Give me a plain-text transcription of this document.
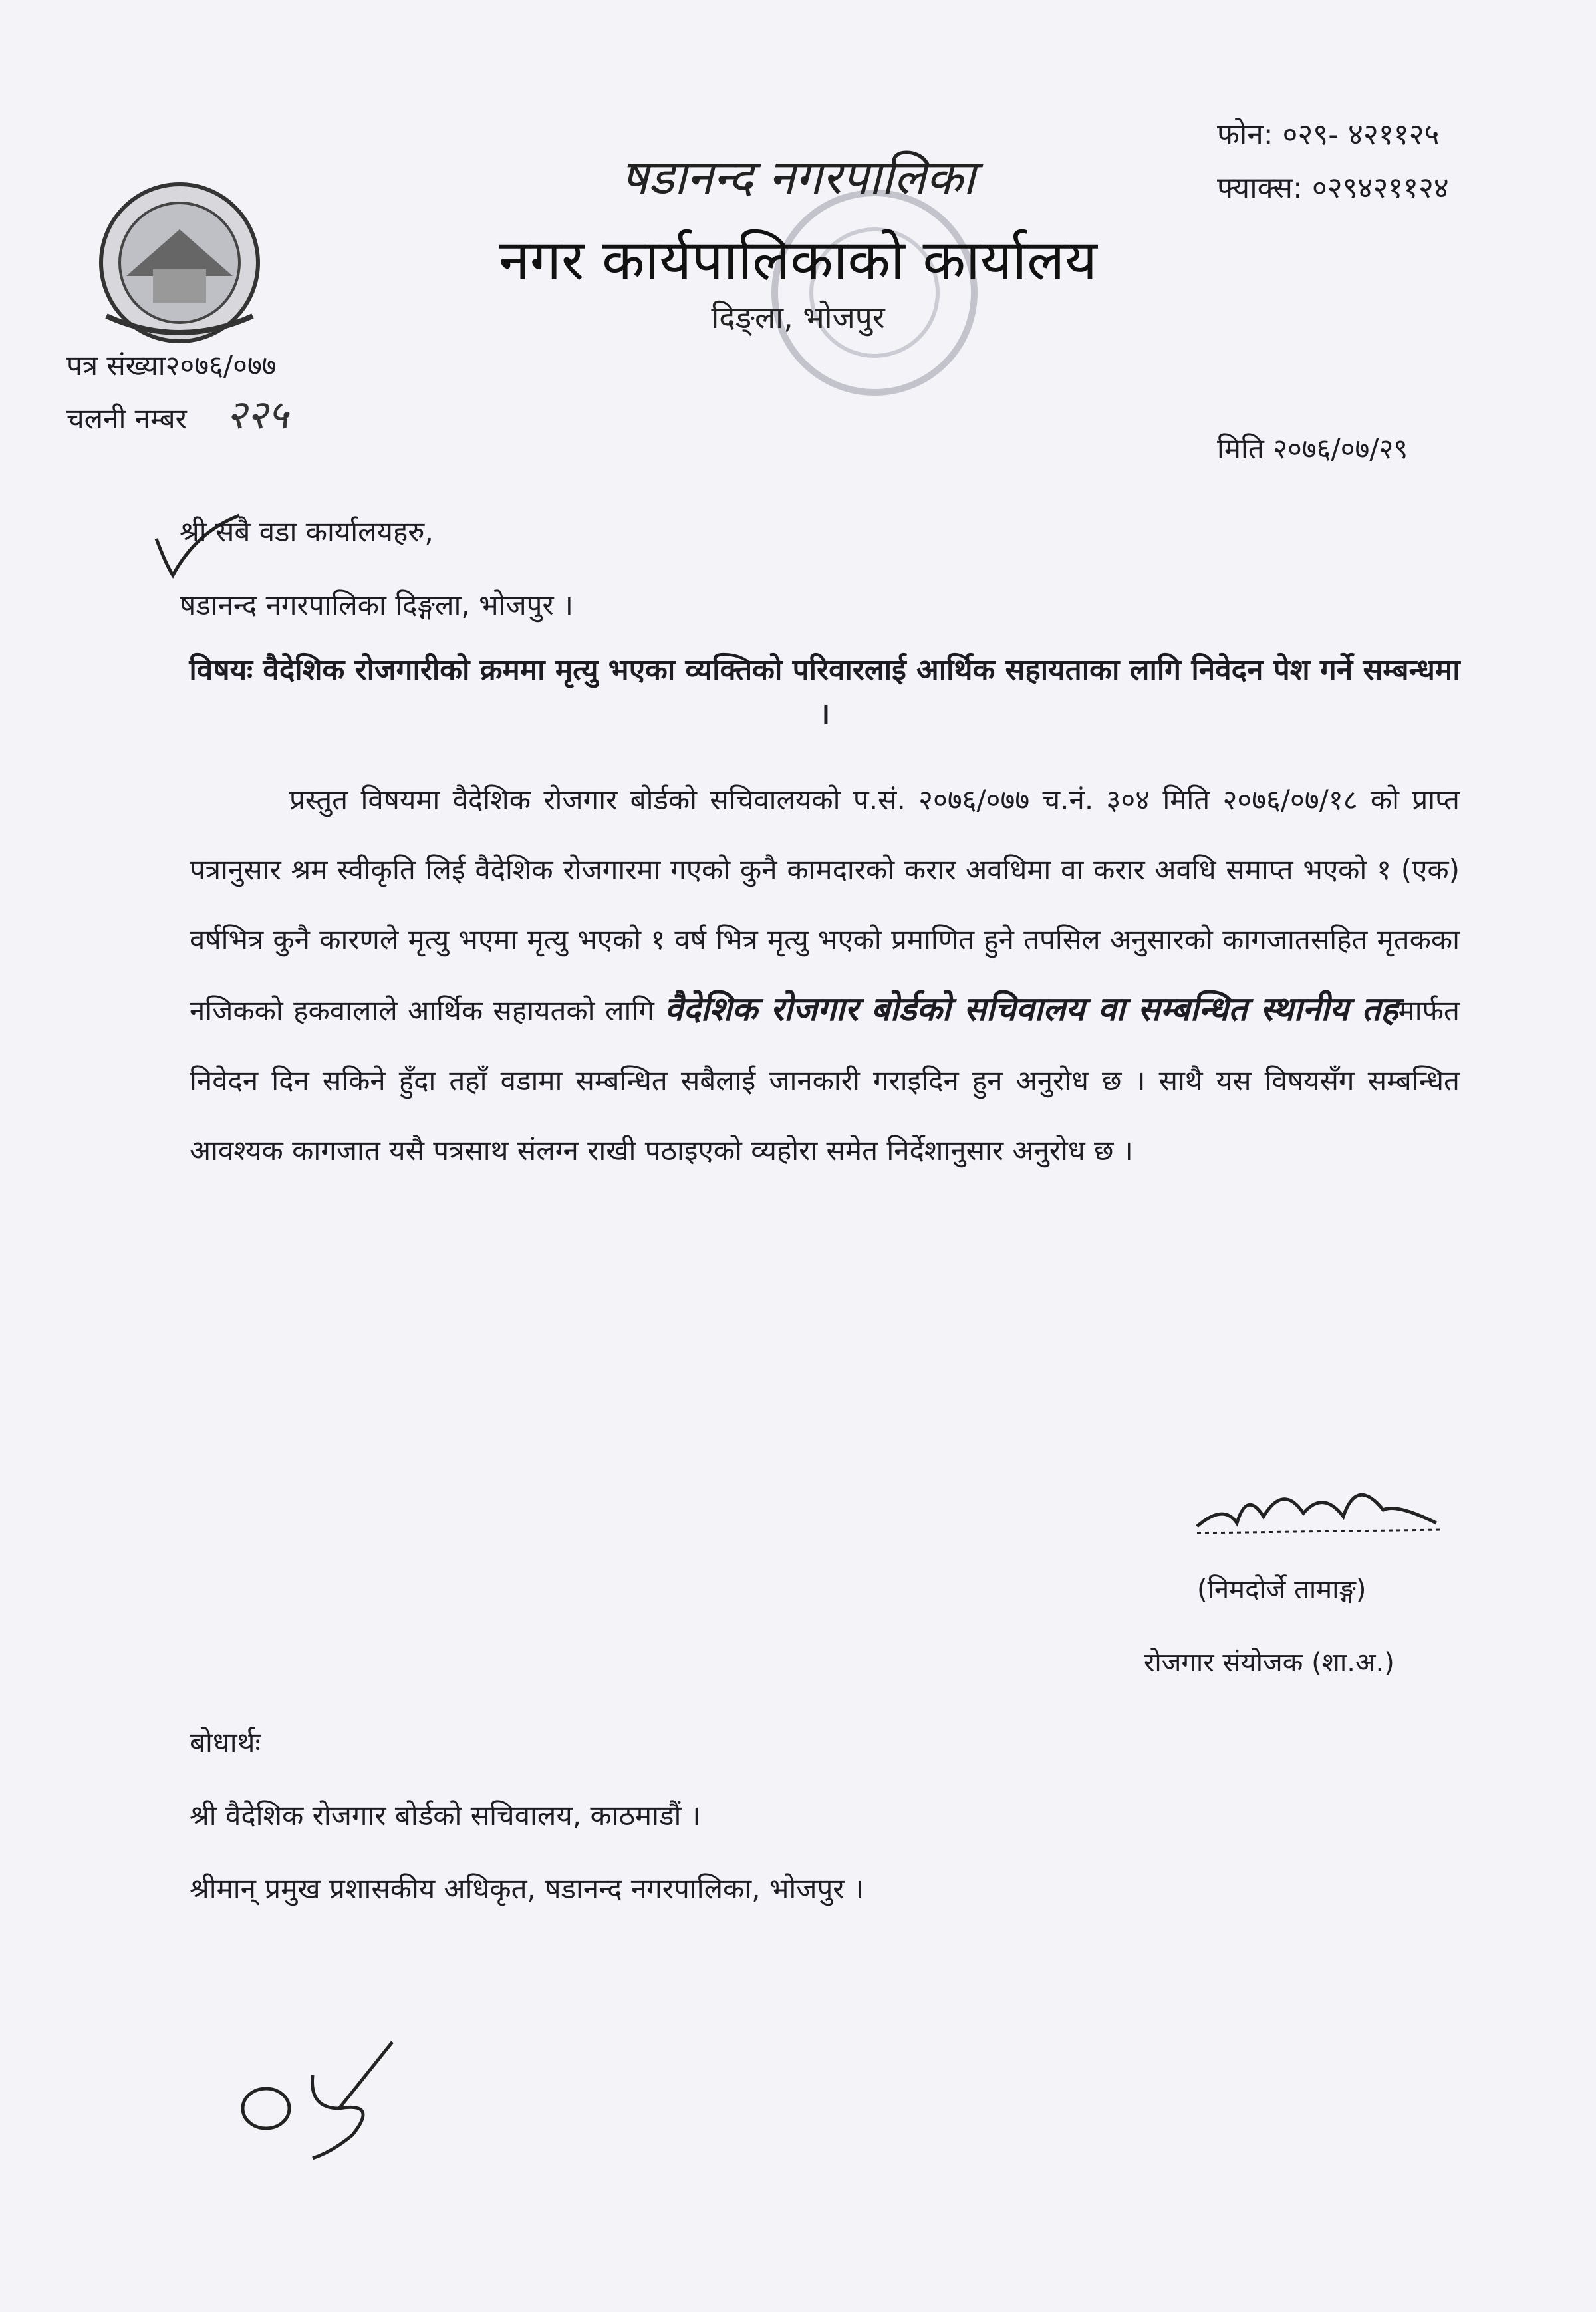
षडानन्द नगरपालिका
नगर कार्यपालिकाको कार्यालय
दिङ्ला, भोजपुर
फोन: ०२९- ४२११२५
फ्याक्स: ०२९४२११२४
पत्र संख्या२०७६/०७७
चलनी नम्बर २२५
मिति २०७६/०७/२९
श्री सबै वडा कार्यालयहरु,
षडानन्द नगरपालिका दिङ्गला, भोजपुर ।
विषयः वैदेशिक रोजगारीको क्रममा मृत्यु भएका व्यक्तिको परिवारलाई आर्थिक सहायताका लागि निवेदन पेश गर्ने सम्बन्धमा ।
प्रस्तुत विषयमा वैदेशिक रोजगार बोर्डको सचिवालयको प.सं. २०७६/०७७ च.नं. ३०४ मिति २०७६/०७/१८ को प्राप्त पत्रानुसार श्रम स्वीकृति लिई वैदेशिक रोजगारमा गएको कुनै कामदारको करार अवधिमा वा करार अवधि समाप्त भएको १ (एक) वर्षभित्र कुनै कारणले मृत्यु भएमा मृत्यु भएको १ वर्ष भित्र मृत्यु भएको प्रमाणित हुने तपसिल अनुसारको कागजातसहित मृतकका नजिकको हकवालाले आर्थिक सहायतको लागि वैदेशिक रोजगार बोर्डको सचिवालय वा सम्बन्धित स्थानीय तहमार्फत निवेदन दिन सकिने हुँदा तहाँ वडामा सम्बन्धित सबैलाई जानकारी गराइदिन हुन अनुरोध छ । साथै यस विषयसँग सम्बन्धित आवश्यक कागजात यसै पत्रसाथ संलग्न राखी पठाइएको व्यहोरा समेत निर्देशानुसार अनुरोध छ ।
(निमदोर्जे तामाङ्ग)
रोजगार संयोजक (शा.अ.)
बोधार्थः
श्री वैदेशिक रोजगार बोर्डको सचिवालय, काठमाडौं ।
श्रीमान् प्रमुख प्रशासकीय अधिकृत, षडानन्द नगरपालिका, भोजपुर ।
